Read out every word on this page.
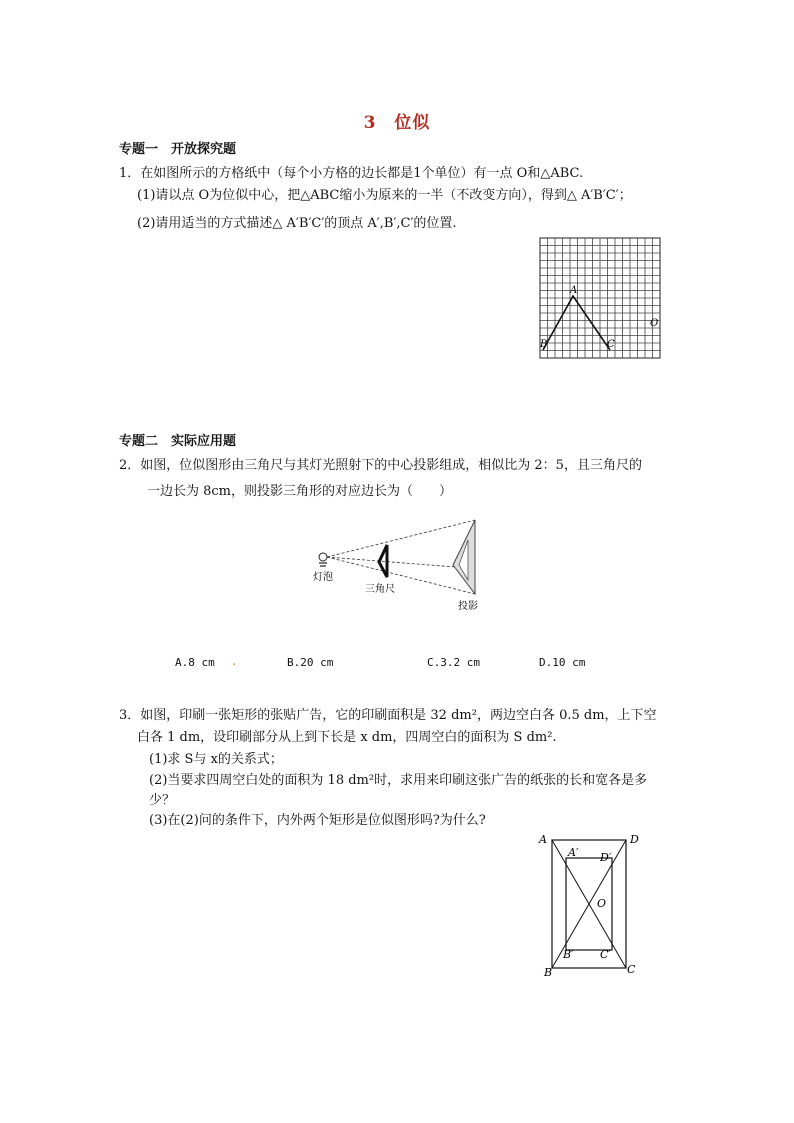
3　位似
专题一　开放探究题
1．在如图所示的方格纸中（每个小方格的边长都是1个单位）有一点 O和△ABC.
(1)请以点 O为位似中心，把△ABC缩小为原来的一半（不改变方向），得到△ A′B′C′；
(2)请用适当的方式描述△ A′B′C′的顶点 A′,B′,C′的位置.
A
B	C
O
专题二　实际应用题
2．如图，位似图形由三角尺与其灯光照射下的中心投影组成，相似比为 2：5，且三角尺的
一边长为 8cm，则投影三角形的对应边长为（　　）
灯泡
三角尺
投影
A.8 cm .	B.20 cm	C.3.2 cm	D.10 cm
3．如图，印刷一张矩形的张贴广告，它的印刷面积是 32 dm²，两边空白各 0.5 dm，上下空
白各 1 dm，设印刷部分从上到下长是 x dm，四周空白的面积为 S dm².
(1)求 S与 x的关系式；
(2)当要求四周空白处的面积为 18 dm²时，求用来印刷这张广告的纸张的长和宽各是多
少？
(3)在(2)问的条件下，内外两个矩形是位似图形吗?为什么?
A	D
B	C
A′ D′
B′ C′
O
